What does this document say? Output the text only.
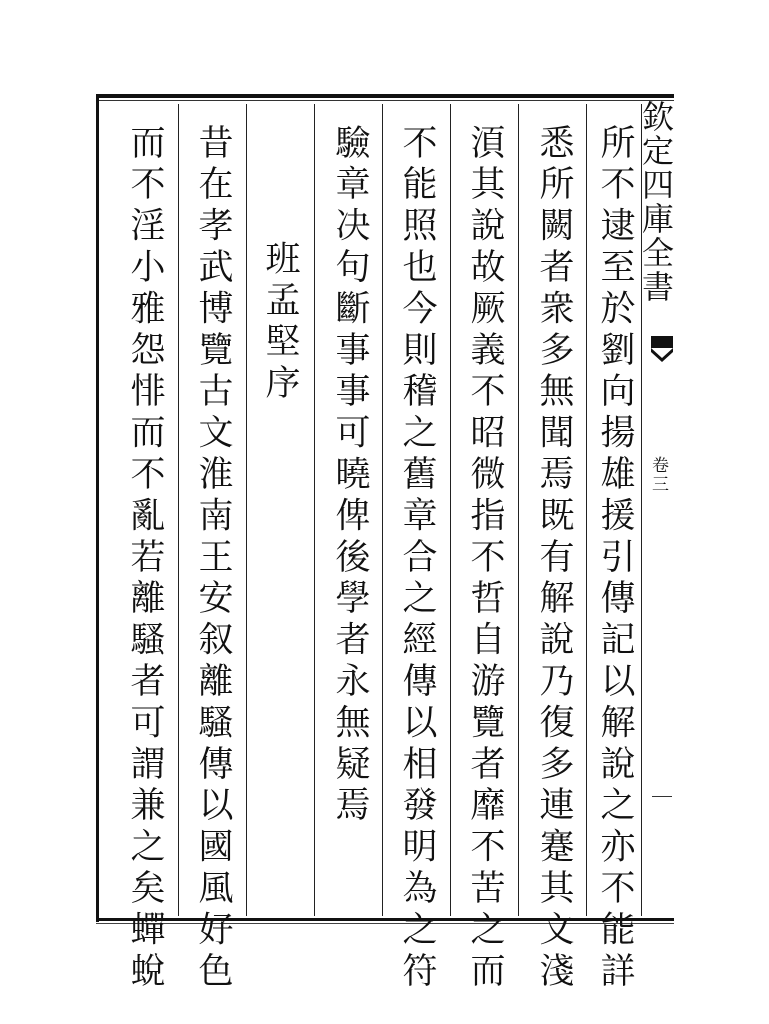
欽定四庫全書
卷三
所不逮至於劉向揚雄援引傳記以解說之亦不能詳
悉所闕者衆多無聞焉既有解說乃復多連蹇其文淺
湏其說故厥義不昭微指不哲自游覽者靡不苦之而
不能照也今則稽之舊章合之經傳以相發明為之符
驗章决句斷事事可曉俾後學者永無疑焉
班孟堅序
昔在孝武博覽古文淮南王安叙離騷傳以國風好色
而不淫小雅怨悱而不亂若離騷者可謂兼之矣蟬蛻
